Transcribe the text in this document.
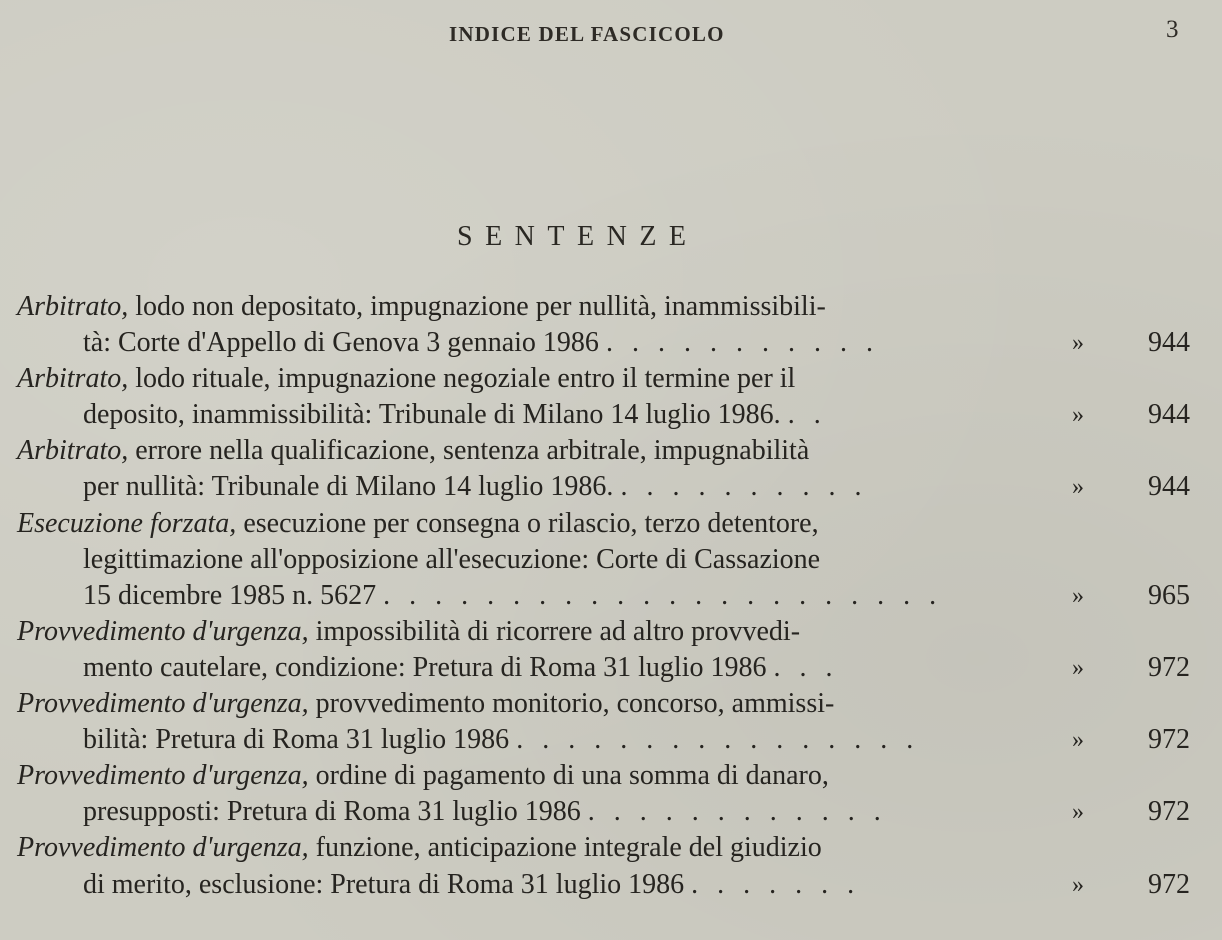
INDICE DEL FASCICOLO	3
SENTENZE
Arbitrato, lodo non depositato, impugnazione per nullità, inammissibili-
tà: Corte d'Appello di Genova 3 gennaio 1986 . . . . . . . . . . .	» 944
Arbitrato, lodo rituale, impugnazione negoziale entro il termine per il
deposito, inammissibilità: Tribunale di Milano 14 luglio 1986. . .	» 944
Arbitrato, errore nella qualificazione, sentenza arbitrale, impugnabilità
per nullità: Tribunale di Milano 14 luglio 1986. . . . . . . . . . .	» 944
Esecuzione forzata, esecuzione per consegna o rilascio, terzo detentore,
legittimazione all'opposizione all'esecuzione: Corte di Cassazione
15 dicembre 1985 n. 5627 . . . . . . . . . . . . . . . . . . . . . .	» 965
Provvedimento d'urgenza, impossibilità di ricorrere ad altro provvedi-
mento cautelare, condizione: Pretura di Roma 31 luglio 1986 . . .	» 972
Provvedimento d'urgenza, provvedimento monitorio, concorso, ammissi-
bilità: Pretura di Roma 31 luglio 1986 . . . . . . . . . . . . . . . .	» 972
Provvedimento d'urgenza, ordine di pagamento di una somma di danaro,
presupposti: Pretura di Roma 31 luglio 1986 . . . . . . . . . . . .	» 972
Provvedimento d'urgenza, funzione, anticipazione integrale del giudizio
di merito, esclusione: Pretura di Roma 31 luglio 1986 . . . . . . .	» 972
